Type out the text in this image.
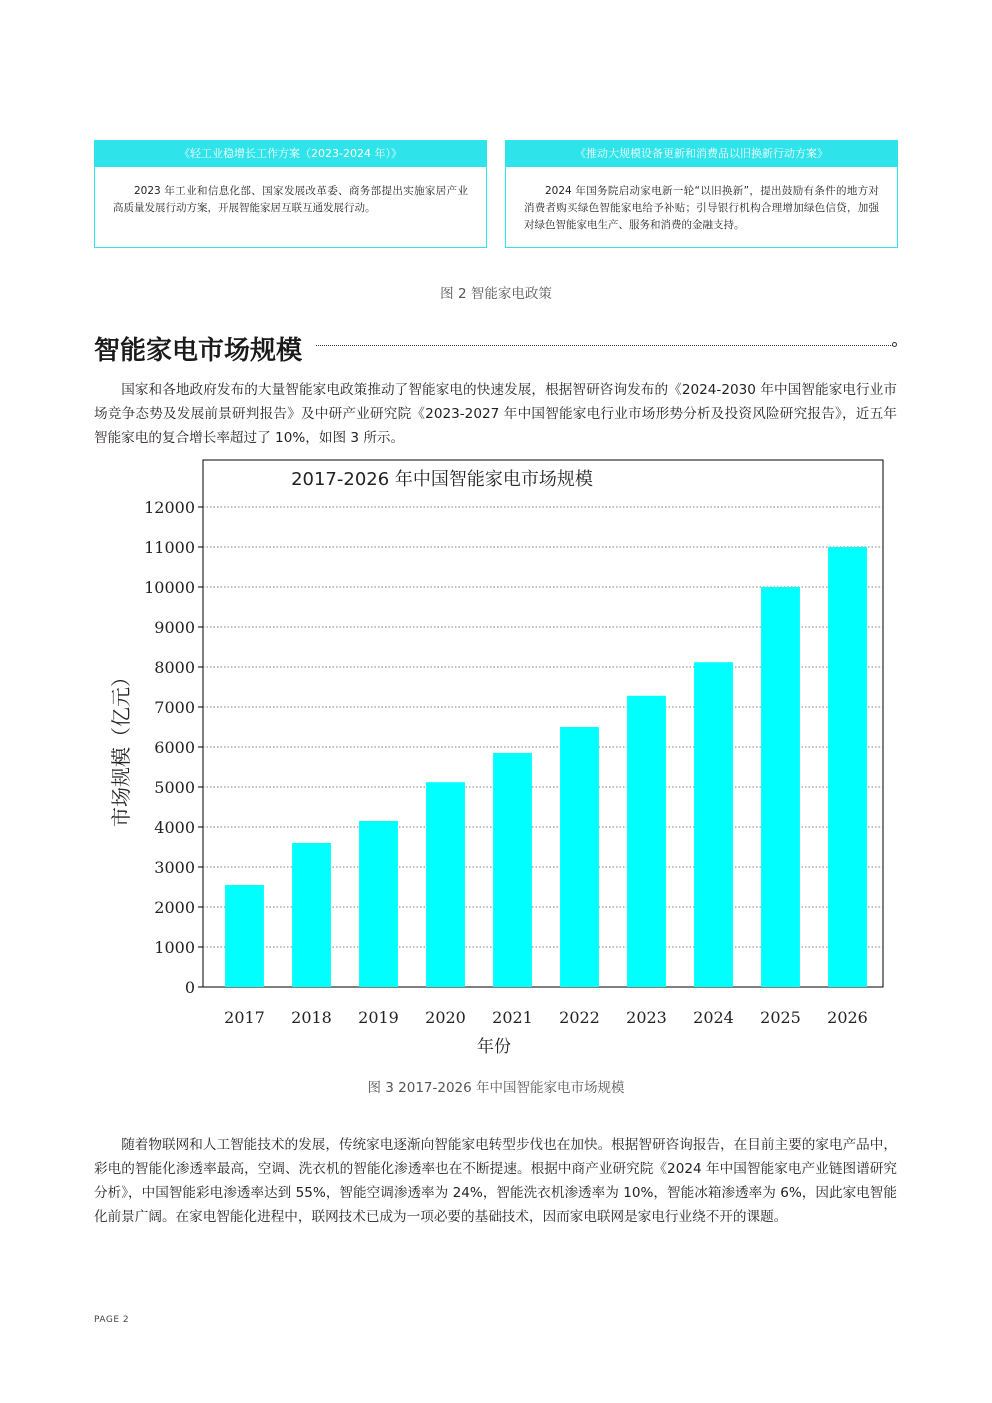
《轻工业稳增长工作方案（2023-2024 年）》
2023 年工业和信息化部、国家发展改革委、商务部提出实施家居产业高质量发展行动方案，开展智能家居互联互通发展行动。
《推动大规模设备更新和消费品以旧换新行动方案》
2024 年国务院启动家电新一轮“以旧换新”，提出鼓励有条件的地方对消费者购买绿色智能家电给予补贴；引导银行机构合理增加绿色信贷，加强对绿色智能家电生产、服务和消费的金融支持。
图 2 智能家电政策
智能家电市场规模
国家和各地政府发布的大量智能家电政策推动了智能家电的快速发展，根据智研咨询发布的《2024-2030 年中国智能家电行业市场竞争态势及发展前景研判报告》及中研产业研究院《2023-2027 年中国智能家电行业市场形势分析及投资风险研究报告》，近五年智能家电的复合增长率超过了 10%，如图 3 所示。
0
1000
2000
3000
4000
5000
6000
7000
8000
9000
10000
11000
12000
2017 2018 2019 2020 2021 2022 2023 2024 2025 2026
2017-2026 年中国智能家电市场规模
年份
市场规模（亿元）
图 3 2017-2026 年中国智能家电市场规模
随着物联网和人工智能技术的发展，传统家电逐渐向智能家电转型步伐也在加快。根据智研咨询报告，在目前主要的家电产品中，彩电的智能化渗透率最高，空调、洗衣机的智能化渗透率也在不断提速。根据中商产业研究院《2024 年中国智能家电产业链图谱研究分析》，中国智能彩电渗透率达到 55%，智能空调渗透率为 24%，智能洗衣机渗透率为 10%，智能冰箱渗透率为 6%，因此家电智能化前景广阔。在家电智能化进程中，联网技术已成为一项必要的基础技术，因而家电联网是家电行业绕不开的课题。
PAGE 2
